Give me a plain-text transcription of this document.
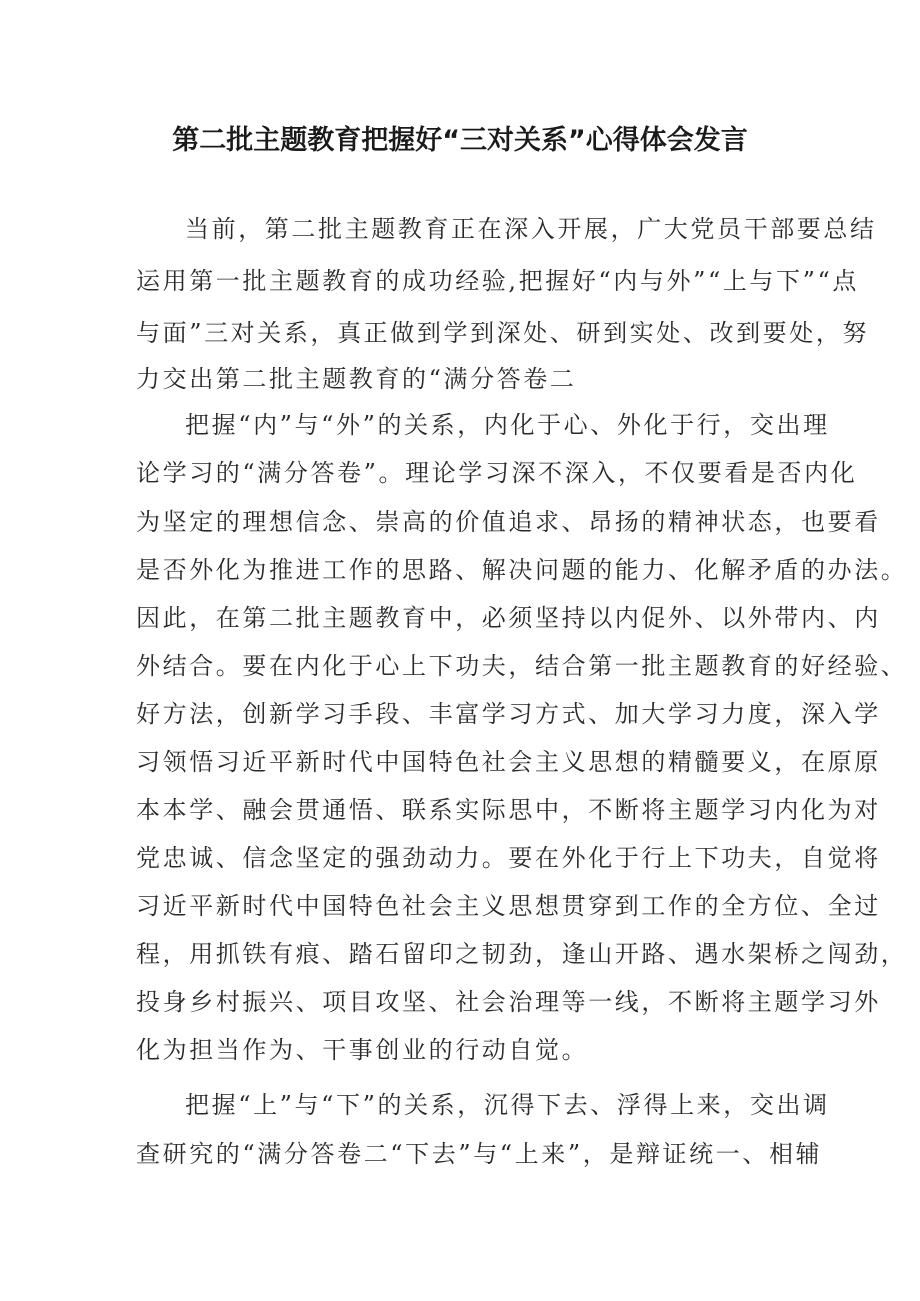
第二批主题教育把握好“三对关系”心得体会发言
当前，第二批主题教育正在深入开展，广大党员干部要总结
运用第一批主题教育的成功经验,把握好“内与外”“上与下”“点
与面”三对关系，真正做到学到深处、研到实处、改到要处，努
力交出第二批主题教育的“满分答卷二
把握“内”与“外”的关系，内化于心、外化于行，交出理
论学习的“满分答卷”。理论学习深不深入，不仅要看是否内化
为坚定的理想信念、崇高的价值追求、昂扬的精神状态，也要看
是否外化为推进工作的思路、解决问题的能力、化解矛盾的办法。
因此，在第二批主题教育中，必须坚持以内促外、以外带内、内
外结合。要在内化于心上下功夫，结合第一批主题教育的好经验、
好方法，创新学习手段、丰富学习方式、加大学习力度，深入学
习领悟习近平新时代中国特色社会主义思想的精髓要义，在原原
本本学、融会贯通悟、联系实际思中，不断将主题学习内化为对
党忠诚、信念坚定的强劲动力。要在外化于行上下功夫，自觉将
习近平新时代中国特色社会主义思想贯穿到工作的全方位、全过
程，用抓铁有痕、踏石留印之韧劲，逢山开路、遇水架桥之闯劲，
投身乡村振兴、项目攻坚、社会治理等一线，不断将主题学习外
化为担当作为、干事创业的行动自觉。
把握“上”与“下”的关系，沉得下去、浮得上来，交出调
查研究的“满分答卷二“下去”与“上来”，是辩证统一、相辅
